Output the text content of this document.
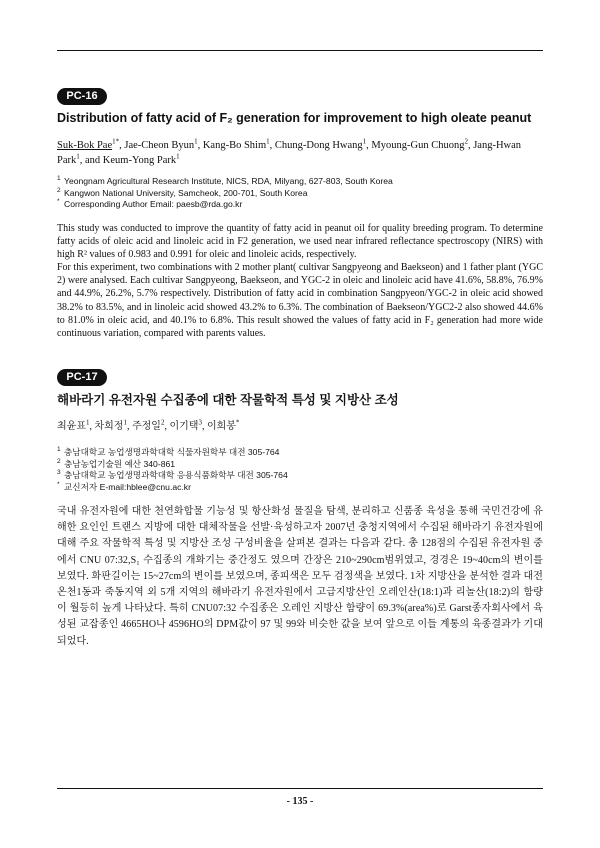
PC-16
Distribution of fatty acid of F₂ generation for improvement to high oleate peanut
Suk-Bok Pae$^{1*}$, Jae-Cheon Byun$^1$, Kang-Bo Shim$^1$, Chung-Dong Hwang$^1$, Myoung-Gun Chuong$^2$, Jang-Hwan Park$^1$, and Keum-Yong Park$^1$
1 Yeongnam Agricultural Research Institute, NICS, RDA, Milyang, 627-803, South Korea
2 Kangwon National University, Samcheok, 200-701, South Korea
* Corresponding Author Email: paesb@rda.go.kr

This study was conducted to improve the quantity of fatty acid in peanut oil for quality breeding program. To determine fatty acids of oleic acid and linoleic acid in F2 generation, we used near infrared reflectance spectroscopy (NIRS) with high R² values of 0.983 and 0.991 for oleic and linoleic acids, respectively.

For this experiment, two combinations with 2 mother plant( cultivar Sangpyeong and Baekseon) and 1 father plant (YGC 2) were analysed. Each cultivar Sangpyeong, Baekseon, and YGC-2 in oleic and linoleic acid have 41.6%, 58.8%, 76.9% and 44.9%, 26.2%, 5.7% respectively. Distribution of fatty acid in combination Sangpyeon/YGC-2 in oleic acid showed 38.2% to 83.5%, and in linoleic acid showed 43.2% to 6.3%. The combination of Baekseon/YGC2-2 also showed 44.6% to 81.0% in oleic acid, and 40.1% to 6.8%. This result showed the values of fatty acid in F₂ generation had more wide continuous variation, compared with parents values.

PC-17
해바라기 유전자원 수집종에 대한 작물학적 특성 및 지방산 조성
최윤표$^1$, 차희정$^1$, 주정일$^2$, 이기택$^3$, 이희봉*
1 충남대학교 농업생명과학대학 식물자원학부 대전 305-764
2 충남농업기술원 예산 340-861
3 충남대학교 농업생명과학대학 응용식품화학부 대전 305-764
* 교신저자 E-mail:hblee@cnu.ac.kr

국내 유전자원에 대한 천연화합물 기능성 및 항산화성 물질을 탐색, 분리하고 신품종 육성을 통해 국민건강에 유해한 요인인 트랜스 지방에 대한 대체작물을 선발·육성하고자 2007년 충청지역에서 수집된 해바라기 유전자원에 대해 주요 작물학적 특성 및 지방산 조성 구성비율을 살펴본 결과는 다음과 같다. 총 128점의 수집된 유전자원 중에서 CNU 07:32,S₁ 수집종의 개화기는 중간정도 였으며 간장은 210~290cm범위였고, 경경은 19~40cm의 변이를 보였다. 화판길이는 15~27cm의 변이를 보였으며, 종피색은 모두 검정색을 보였다. 1차 지방산을 분석한 결과 대전 온천1동과 죽동지역 외 5개 지역의 해바라기 유전자원에서 고급지방산인 오레인산(18:1)과 리놀산(18:2)의 함량이 월등히 높게 나타났다. 특히 CNU07:32 수집종은 오레인 지방산 함량이 69.3%(area%)로 Garst종자회사에서 육성된 교잡종인 4665HO나 4596HO의 DPM값이 97 및 99와 비슷한 값을 보여 앞으로 이들 계통의 육종결과가 기대되었다.

- 135 -
